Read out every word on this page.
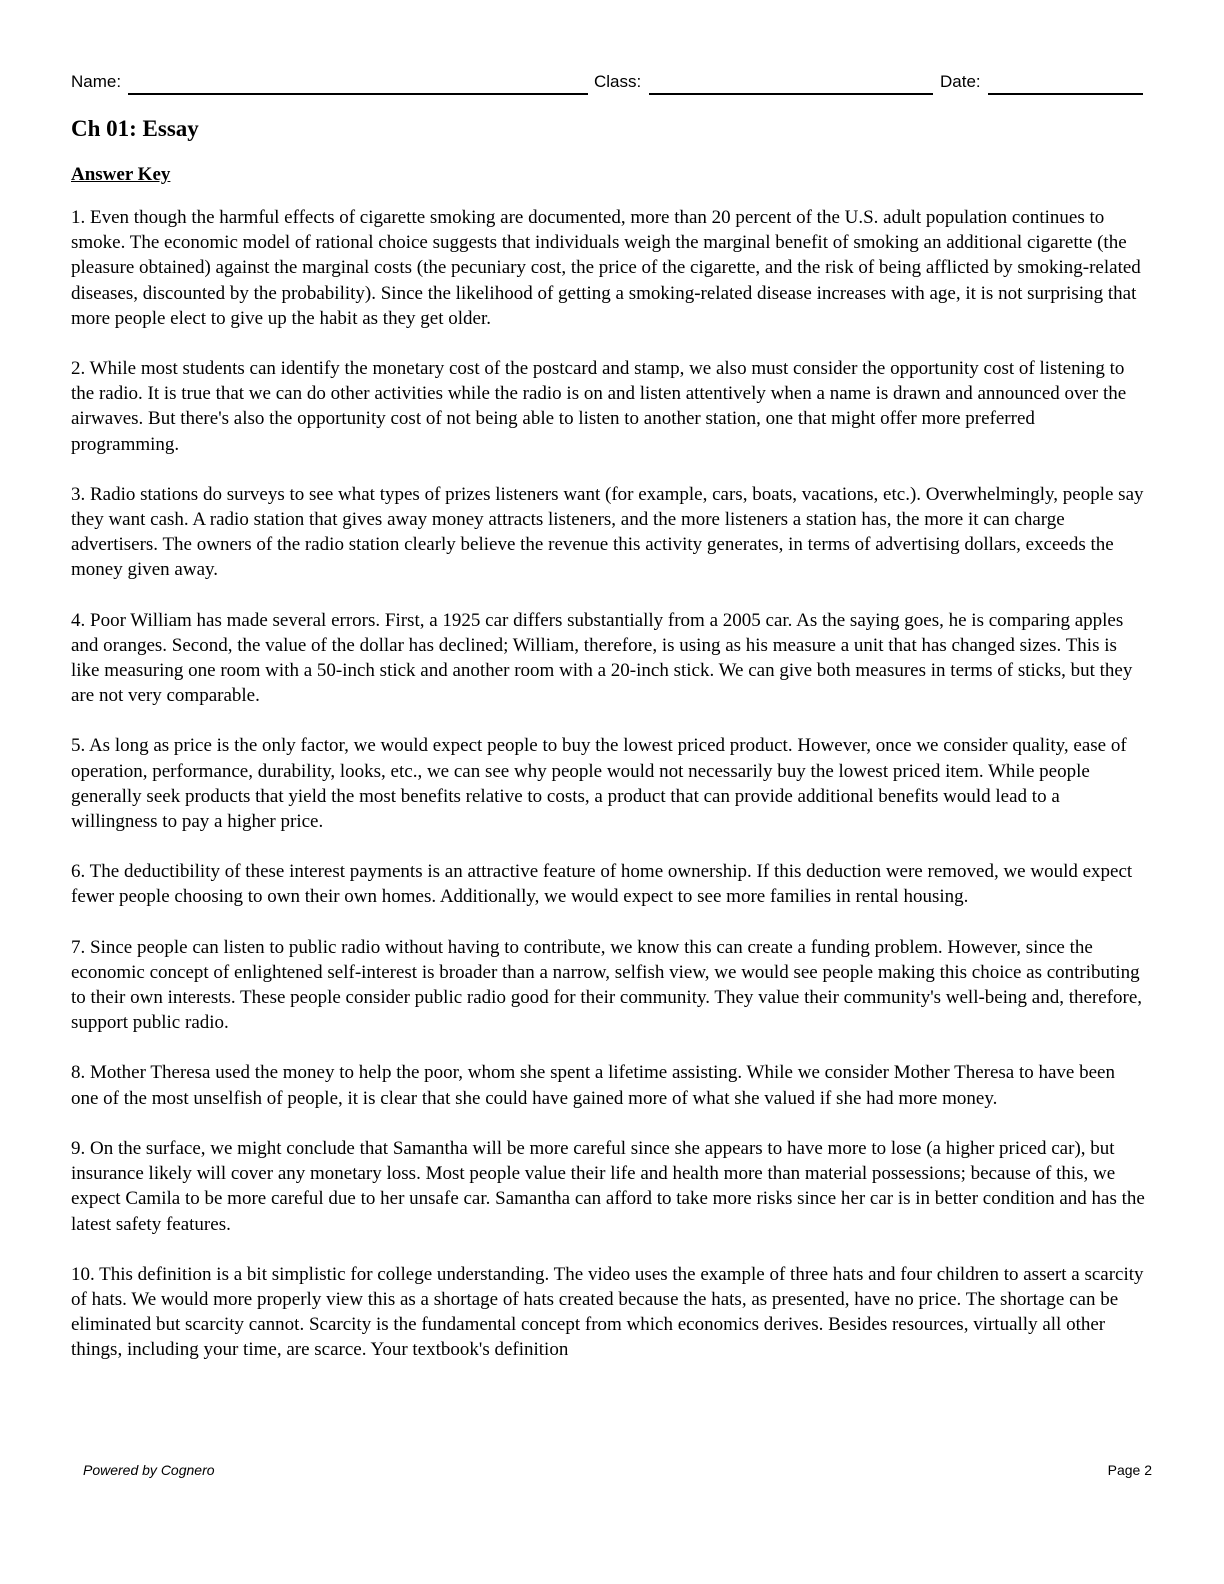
Name:	Class:	Date:
Ch 01: Essay
Answer Key

1. Even though the harmful effects of cigarette smoking are documented, more than 20 percent of the U.S. adult population continues to smoke. The economic model of rational choice suggests that individuals weigh the marginal benefit of smoking an additional cigarette (the pleasure obtained) against the marginal costs (the pecuniary cost, the price of the cigarette, and the risk of being afflicted by smoking-related diseases, discounted by the probability). Since the likelihood of getting a smoking-related disease increases with age, it is not surprising that more people elect to give up the habit as they get older.

2. While most students can identify the monetary cost of the postcard and stamp, we also must consider the opportunity cost of listening to the radio. It is true that we can do other activities while the radio is on and listen attentively when a name is drawn and announced over the airwaves. But there's also the opportunity cost of not being able to listen to another station, one that might offer more preferred programming.

3. Radio stations do surveys to see what types of prizes listeners want (for example, cars, boats, vacations, etc.). Overwhelmingly, people say they want cash. A radio station that gives away money attracts listeners, and the more listeners a station has, the more it can charge advertisers. The owners of the radio station clearly believe the revenue this activity generates, in terms of advertising dollars, exceeds the money given away.

4. Poor William has made several errors. First, a 1925 car differs substantially from a 2005 car. As the saying goes, he is comparing apples and oranges. Second, the value of the dollar has declined; William, therefore, is using as his measure a unit that has changed sizes. This is like measuring one room with a 50-inch stick and another room with a 20-inch stick. We can give both measures in terms of sticks, but they are not very comparable.

5. As long as price is the only factor, we would expect people to buy the lowest priced product. However, once we consider quality, ease of operation, performance, durability, looks, etc., we can see why people would not necessarily buy the lowest priced item. While people generally seek products that yield the most benefits relative to costs, a product that can provide additional benefits would lead to a willingness to pay a higher price.

6. The deductibility of these interest payments is an attractive feature of home ownership. If this deduction were removed, we would expect fewer people choosing to own their own homes. Additionally, we would expect to see more families in rental housing.

7. Since people can listen to public radio without having to contribute, we know this can create a funding problem. However, since the economic concept of enlightened self-interest is broader than a narrow, selfish view, we would see people making this choice as contributing to their own interests. These people consider public radio good for their community. They value their community's well-being and, therefore, support public radio.

8. Mother Theresa used the money to help the poor, whom she spent a lifetime assisting. While we consider Mother Theresa to have been one of the most unselfish of people, it is clear that she could have gained more of what she valued if she had more money.

9. On the surface, we might conclude that Samantha will be more careful since she appears to have more to lose (a higher priced car), but insurance likely will cover any monetary loss. Most people value their life and health more than material possessions; because of this, we expect Camila to be more careful due to her unsafe car. Samantha can afford to take more risks since her car is in better condition and has the latest safety features.

10. This definition is a bit simplistic for college understanding. The video uses the example of three hats and four children to assert a scarcity of hats. We would more properly view this as a shortage of hats created because the hats, as presented, have no price. The shortage can be eliminated but scarcity cannot. Scarcity is the fundamental concept from which economics derives. Besides resources, virtually all other things, including your time, are scarce. Your textbook's definition

Powered by Cognero	Page 2
